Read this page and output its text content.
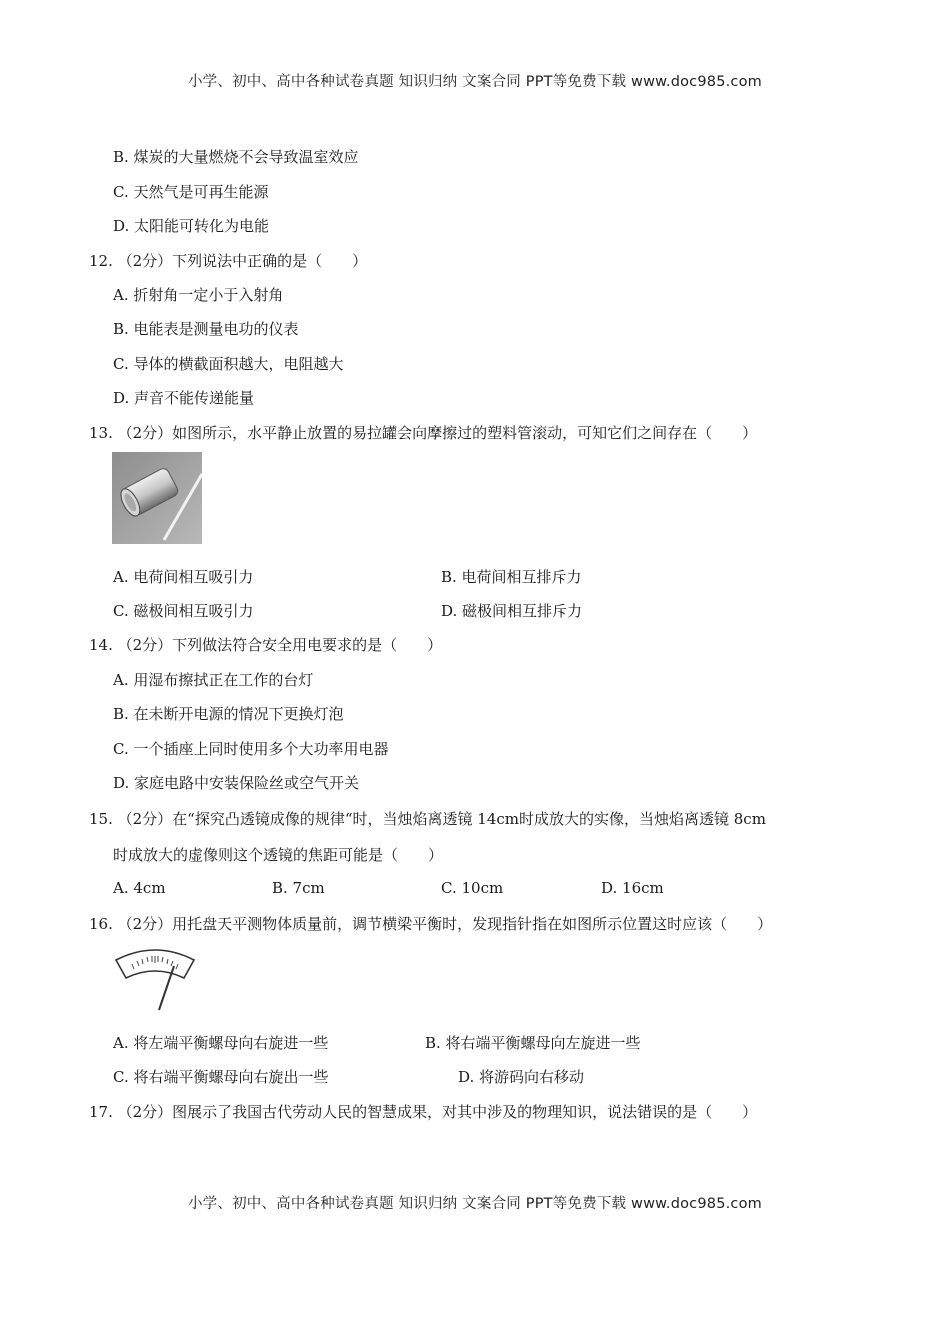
小学、初中、高中各种试卷真题 知识归纳 文案合同 PPT等免费下载 www.doc985.com
B. 煤炭的大量燃烧不会导致温室效应
C. 天然气是可再生能源
D. 太阳能可转化为电能
12. （2分）下列说法中正确的是（　　）
A. 折射角一定小于入射角
B. 电能表是测量电功的仪表
C. 导体的横截面积越大，电阻越大
D. 声音不能传递能量
13. （2分）如图所示，水平静止放置的易拉罐会向摩擦过的塑料管滚动，可知它们之间存在（　　）
A. 电荷间相互吸引力	B. 电荷间相互排斥力
C. 磁极间相互吸引力	D. 磁极间相互排斥力
14. （2分）下列做法符合安全用电要求的是（　　）
A. 用湿布擦拭正在工作的台灯
B. 在未断开电源的情况下更换灯泡
C. 一个插座上同时使用多个大功率用电器
D. 家庭电路中安装保险丝或空气开关
15. （2分）在“探究凸透镜成像的规律“时，当烛焰离透镜 14cm时成放大的实像，当烛焰离透镜 8cm
时成放大的虚像则这个透镜的焦距可能是（　　）
A. 4cm	B. 7cm	C. 10cm	D. 16cm
16. （2分）用托盘天平测物体质量前，调节横梁平衡时，发现指针指在如图所示位置这时应该（　　）
A. 将左端平衡螺母向右旋进一些	B. 将右端平衡螺母向左旋进一些
C. 将右端平衡螺母向右旋出一些	D. 将游码向右移动
17. （2分）图展示了我国古代劳动人民的智慧成果，对其中涉及的物理知识，说法错误的是（　　）
小学、初中、高中各种试卷真题 知识归纳 文案合同 PPT等免费下载 www.doc985.com
